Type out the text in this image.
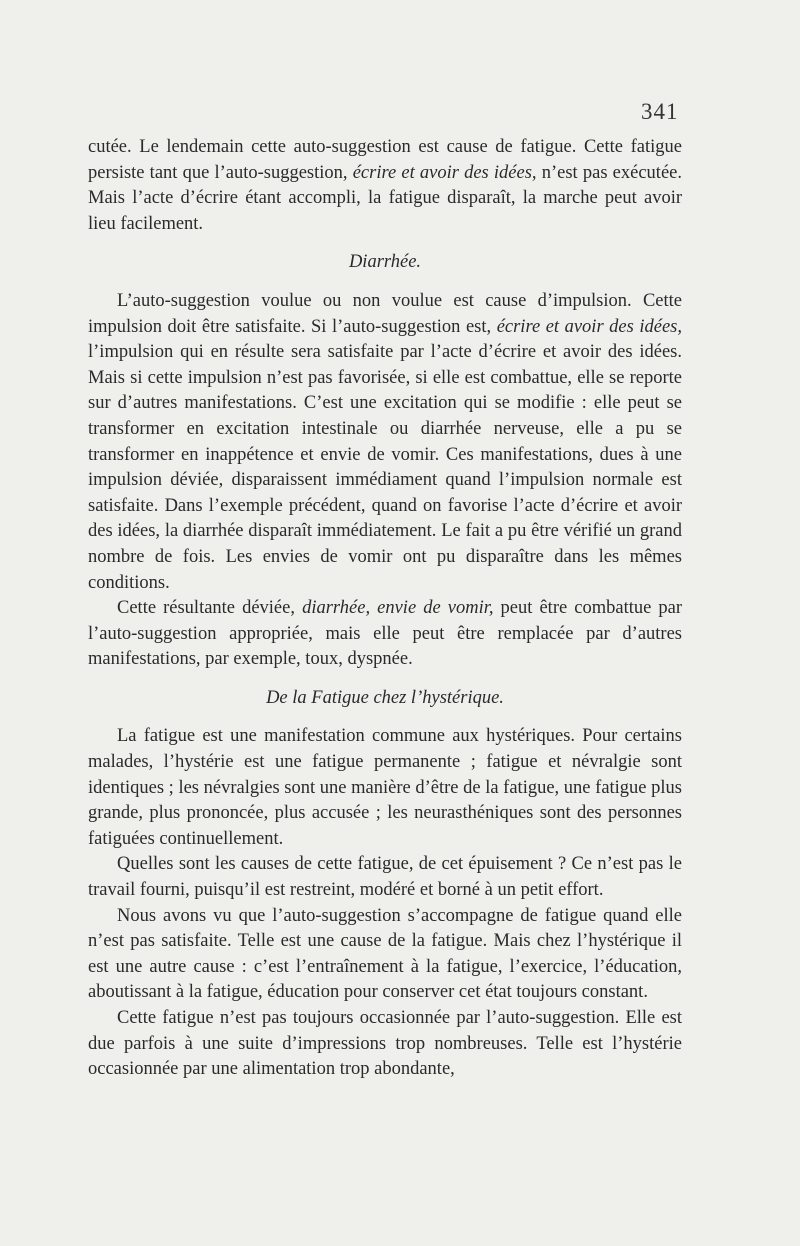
341

cutée. Le lendemain cette auto-suggestion est cause de fatigue. Cette fatigue persiste tant que l’auto-suggestion, écrire et avoir des idées, n’est pas exécutée. Mais l’acte d’écrire étant accompli, la fatigue disparaît, la marche peut avoir lieu facilement.

Diarrhée.

L’auto-suggestion voulue ou non voulue est cause d’impulsion. Cette impulsion doit être satisfaite. Si l’auto-suggestion est, écrire et avoir des idées, l’impulsion qui en résulte sera satisfaite par l’acte d’écrire et avoir des idées. Mais si cette impulsion n’est pas favorisée, si elle est combattue, elle se reporte sur d’autres manifestations. C’est une excitation qui se modifie : elle peut se transformer en excitation intestinale ou diarrhée nerveuse, elle a pu se transformer en inappétence et envie de vomir. Ces manifestations, dues à une impulsion déviée, disparaissent immédiament quand l’impulsion normale est satisfaite. Dans l’exemple précédent, quand on favorise l’acte d’écrire et avoir des idées, la diarrhée disparaît immédiatement. Le fait a pu être vérifié un grand nombre de fois. Les envies de vomir ont pu disparaître dans les mêmes conditions.

Cette résultante déviée, diarrhée, envie de vomir, peut être combattue par l’auto-suggestion appropriée, mais elle peut être remplacée par d’autres manifestations, par exemple, toux, dyspnée.

De la Fatigue chez l’hystérique.

La fatigue est une manifestation commune aux hystériques. Pour certains malades, l’hystérie est une fatigue permanente ; fatigue et névralgie sont identiques ; les névralgies sont une manière d’être de la fatigue, une fatigue plus grande, plus prononcée, plus accusée ; les neurasthéniques sont des personnes fatiguées continuellement.

Quelles sont les causes de cette fatigue, de cet épuisement ? Ce n’est pas le travail fourni, puisqu’il est restreint, modéré et borné à un petit effort.

Nous avons vu que l’auto-suggestion s’accompagne de fatigue quand elle n’est pas satisfaite. Telle est une cause de la fatigue. Mais chez l’hystérique il est une autre cause : c’est l’entraînement à la fatigue, l’exercice, l’éducation, aboutissant à la fatigue, éducation pour conserver cet état toujours constant.

Cette fatigue n’est pas toujours occasionnée par l’auto-suggestion. Elle est due parfois à une suite d’impressions trop nombreuses. Telle est l’hystérie occasionnée par une alimentation trop abondante,
